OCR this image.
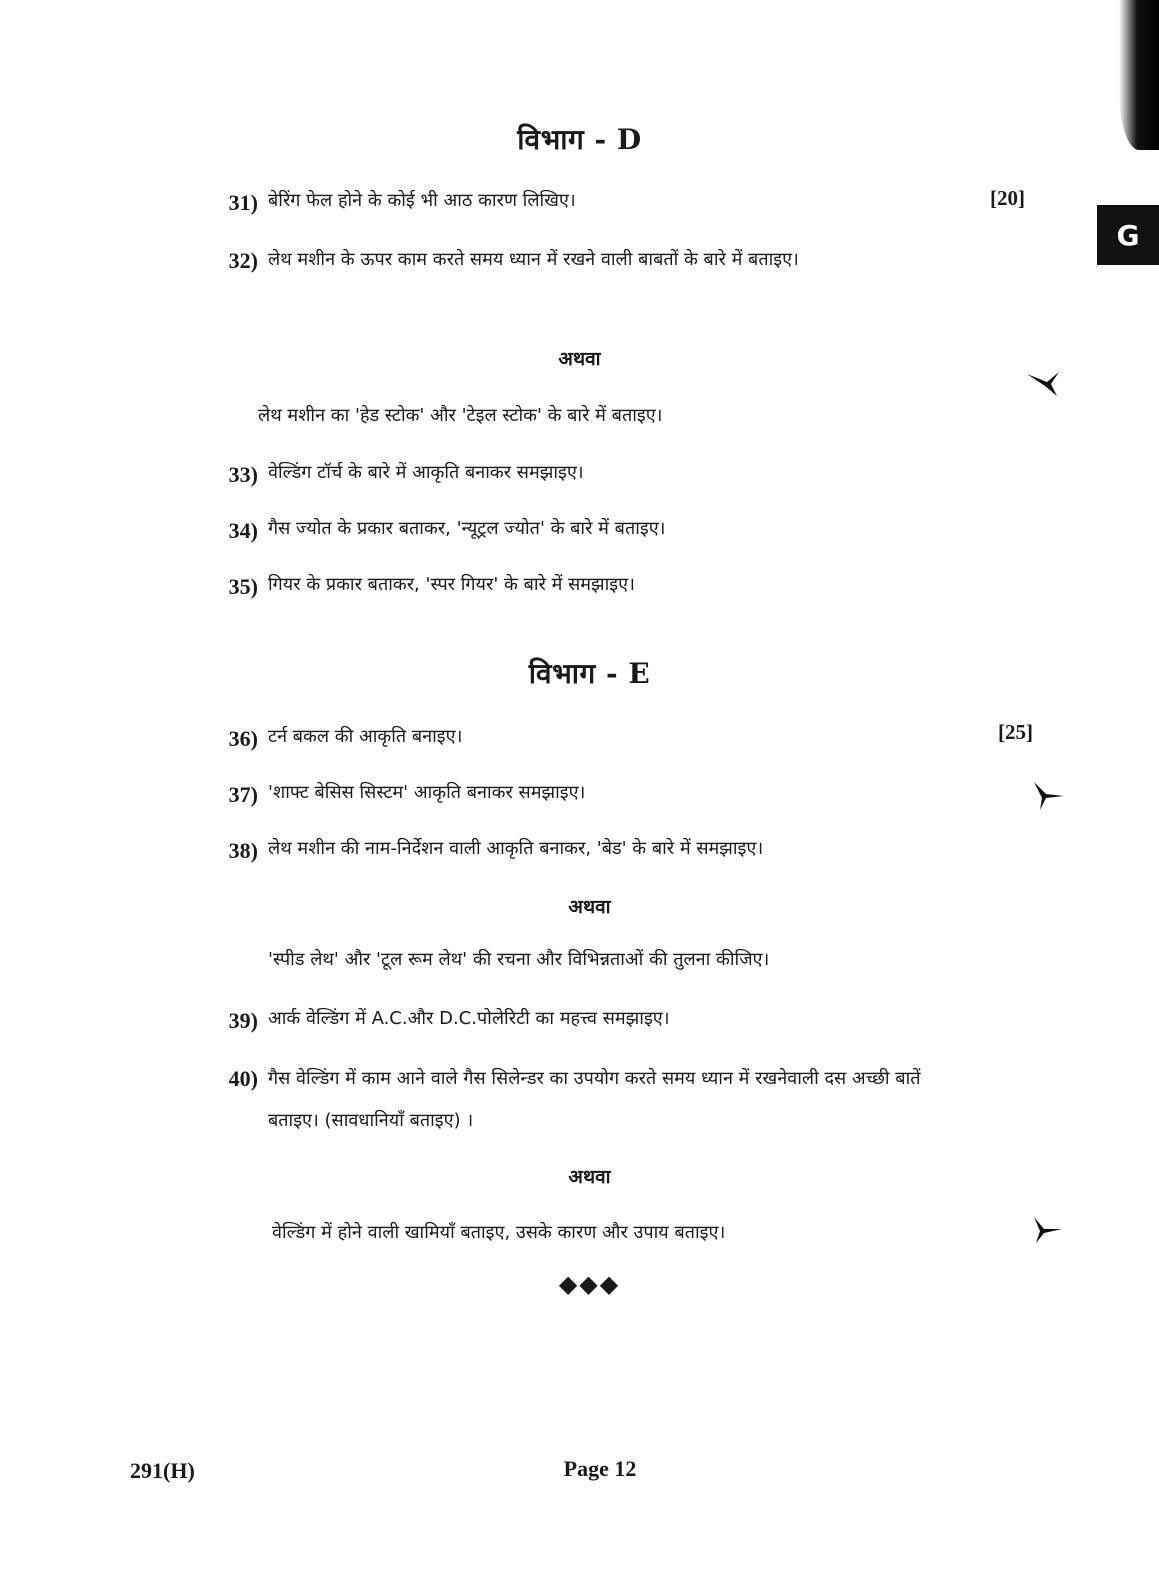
G
विभाग - D
[20]
31) बेरिंग फेल होने के कोई भी आठ कारण लिखिए।
32) लेथ मशीन के ऊपर काम करते समय ध्यान में रखने वाली बाबतों के बारे में बताइए।
अथवा
लेथ मशीन का 'हेड स्टोक' और 'टेइल स्टोक' के बारे में बताइए।
33) वेल्डिंग टॉर्च के बारे में आकृति बनाकर समझाइए।
34) गैस ज्योत के प्रकार बताकर, 'न्यूट्रल ज्योत' के बारे में बताइए।
35) गियर के प्रकार बताकर, 'स्पर गियर' के बारे में समझाइए।
विभाग - E
[25]
36) टर्न बकल की आकृति बनाइए।
37) 'शाफ्ट बेसिस सिस्टम' आकृति बनाकर समझाइए।
38) लेथ मशीन की नाम-निर्देशन वाली आकृति बनाकर, 'बेड' के बारे में समझाइए।
अथवा
'स्पीड लेथ' और 'टूल रूम लेथ' की रचना और विभिन्नताओं की तुलना कीजिए।
39) आर्क वेल्डिंग में A.C.और D.C.पोलेरिटी का महत्त्व समझाइए।
40) गैस वेल्डिंग में काम आने वाले गैस सिलेन्डर का उपयोग करते समय ध्यान में रखनेवाली दस अच्छी बातें बताइए। (सावधानियाँ बताइए) ।
अथवा
वेल्डिंग में होने वाली खामियाँ बताइए, उसके कारण और उपाय बताइए।
◆◆◆
291(H)	Page 12
